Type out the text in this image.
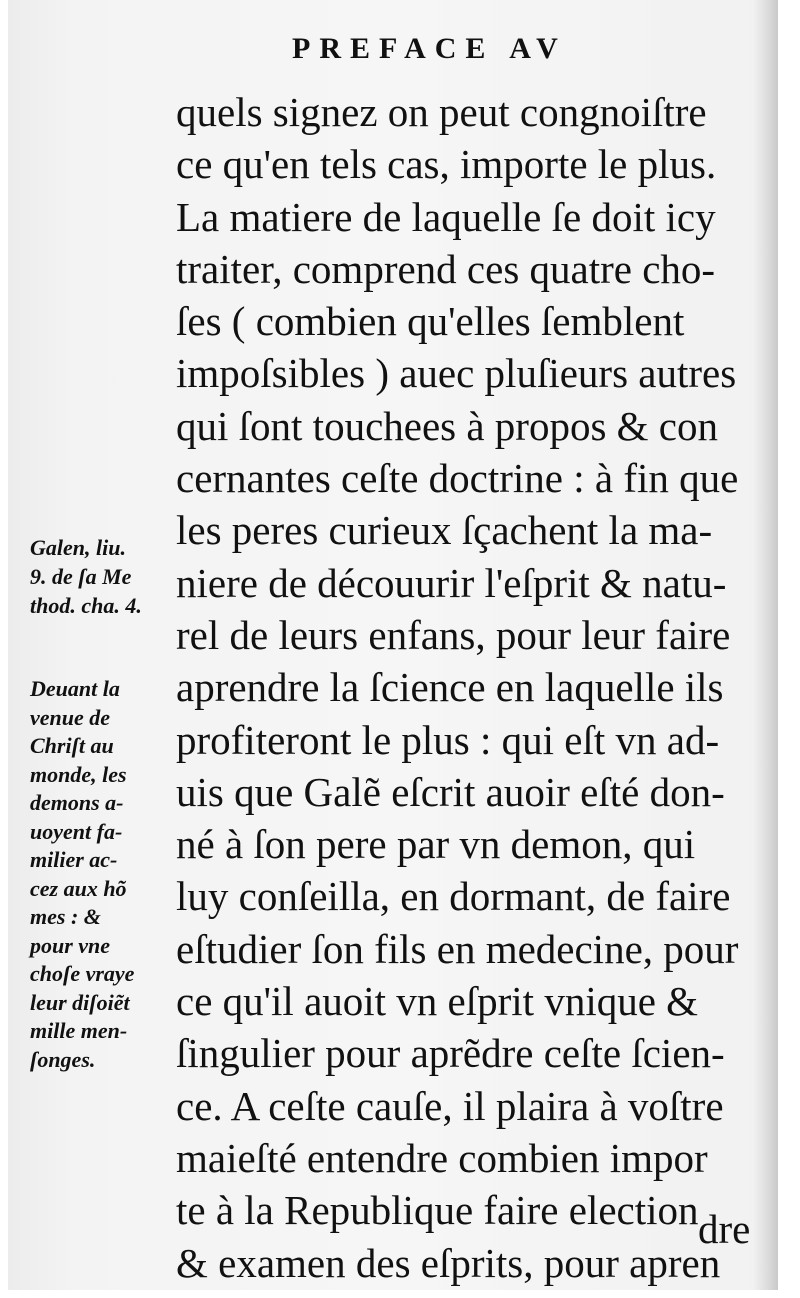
PREFACE AV
quels signez on peut congnoiſtre
ce qu'en tels cas, importe le plus.
La matiere de laquelle ſe doit icy
traiter, comprend ces quatre cho-
ſes ( combien qu'elles ſemblent
impoſsibles ) auec pluſieurs autres
qui ſont touchees à propos & con
cernantes ceſte doctrine : à fin que
les peres curieux ſçachent la ma-
niere de découurir l'eſprit & natu-
rel de leurs enfans, pour leur faire
aprendre la ſcience en laquelle ils
profiteront le plus : qui eſt vn ad-
uis que Galẽ eſcrit auoir eſté don-
né à ſon pere par vn demon, qui
luy conſeilla, en dormant, de faire
eſtudier ſon fils en medecine, pour
ce qu'il auoit vn eſprit vnique &
ſingulier pour aprẽdre ceſte ſcien-
ce. A ceſte cauſe, il plaira à voſtre
maieſté entendre combien impor
te à la Republique faire election
& examen des eſprits, pour apren
dre
Galen, liu.
9. de ſa Me
thod. cha. 4.
Deuant la
venue de
Chriſt au
monde, les
demons a-
uoyent fa-
milier ac-
cez aux hõ
mes : &
pour vne
choſe vraye
leur diſoiẽt
mille men-
ſonges.
